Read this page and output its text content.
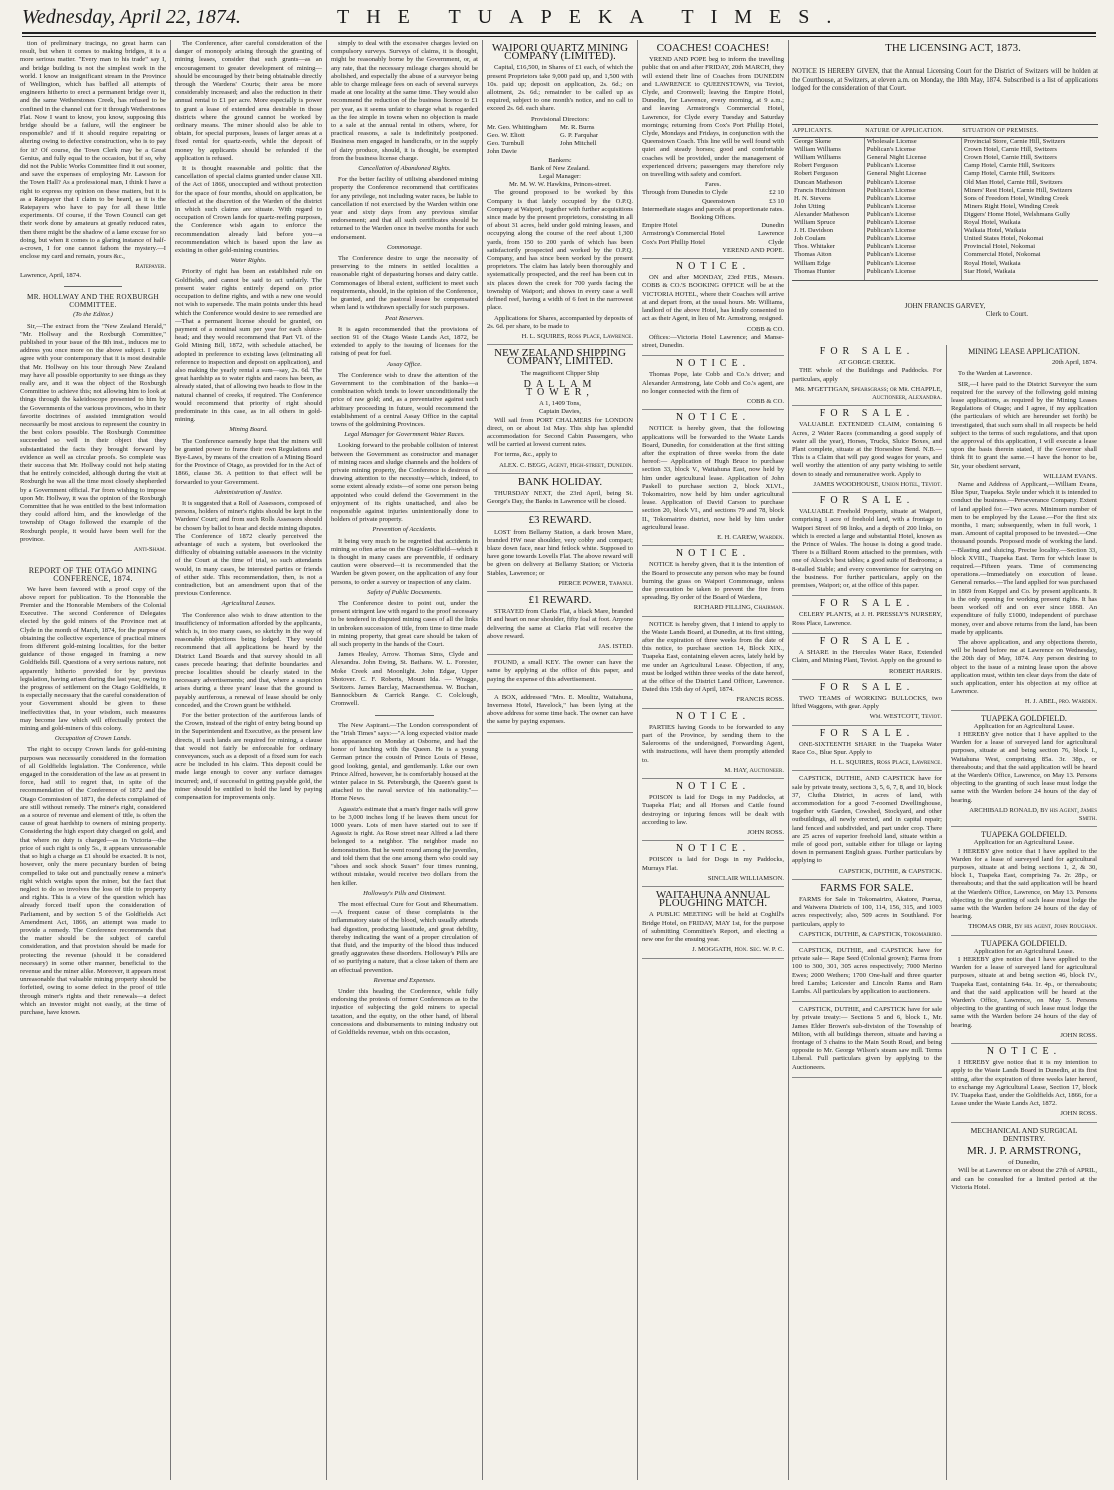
Wednesday, April 22, 1874.	THE TUAPEKA TIMES.

tion of preliminary tracings, no great harm can result, but when it comes to making bridges, it is a more serious matter. "Every man to his trade" say I, and bridge building is not the simplest work in the world. I know an insignificant stream in the Province of Wellington, which has baffled all attempts of engineers hitherto to erect a permanent bridge over it, and the same Wetherstones Creek, has refused to be confined in the channel cut for it through Wetherstones Flat. Now I want to know, you know, supposing this bridge should be a failure, will the engineer be responsible? and if it should require repairing or altering owing to defective construction, who is to pay for it? Of course, the Town Clerk may be a Great Genius, and fully equal to the occasion, but if so, why did not the Public Works Committee find it out sooner, and save the expenses of employing Mr. Lawson for the Town Hall? As a professional man, I think I have a right to express my opinion on these matters, but it is as a Ratepayer that I claim to be heard, as it is the Ratepayers who have to pay for all these little experiments. Of course, if the Town Council can get their work done by amateurs at greatly reduced rates, then there might be the shadow of a lame excuse for so doing, but when it comes to a glaring instance of half-a-crown, I for one cannot fathom the mystery.—I enclose my card and remain, yours &c.,

Ratepayer.
Lawrence, April, 1874.
MR. HOLLWAY AND THE ROXBURGH COMMITTEE.
(To the Editor.)

Sir,—The extract from the "New Zealand Herald," "Mr. Hollway and the Roxburgh Committee," published in your issue of the 8th inst., induces me to address you once more on the above subject. I quite agree with your contemporary that it is most desirable that Mr. Hollway on his tour through New Zealand may have all possible opportunity to see things as they really are, and it was the object of the Roxburgh Committee to achieve this; not allowing him to look at things through the kaleidoscope presented to him by the Governments of the various provinces, who in their favorite doctrines of assisted immigration would necessarily be most anxious to represent the country in the best colors possible. The Roxburgh Committee succeeded so well in their object that they substantiated the facts they brought forward by evidence as well as circular proofs. So complete was their success that Mr. Hollway could not help stating that he entirely coincided, although during the visit at Roxburgh he was all the time most closely shepherded by a Government official. Far from wishing to impose upon Mr. Hollway, it was the opinion of the Roxburgh Committee that he was entitled to the best information they could afford him, and the knowledge of the township of Otago followed the example of the Roxburgh people, it would have been well for the province.

Anti-Sham.
REPORT OF THE OTAGO MINING CONFERENCE, 1874.

We have been favored with a proof copy of the above report for publication. To the Honorable the Premier and the Honorable Members of the Colonial Executive. The second Conference of Delegates elected by the gold miners of the Province met at Clyde in the month of March, 1874, for the purpose of obtaining the collective experience of practical miners from different gold-mining localities, for the better guidance of those engaged in framing a new Goldfields Bill. Questions of a very serious nature, not apparently hitherto provided for by previous legislation, having arisen during the last year, owing to the progress of settlement on the Otago Goldfields, it is especially necessary that the careful consideration of your Government should be given to these ineffectivities that, in your wisdom, such measures may become law which will effectually protect the mining and gold-miners of this colony.

Occupation of Crown Lands.

The right to occupy Crown lands for gold-mining purposes was necessarily considered in the formation of all Goldfields legislation. The Conference, while engaged in the consideration of the law as at present in force, had still to regret that, in spite of the recommendation of the Conference of 1872 and the Otago Commission of 1871, the defects complained of are still without remedy. The miner's right, considered as a source of revenue and element of title, is often the cause of great hardship to owners of mining property. Considering the high export duty charged on gold, and that where no duty is charged—as in Victoria—the price of such right is only 5s., it appears unreasonable that so high a charge as £1 should be exacted. It is not, however, only the mere pecuniary burden of being compelled to take out and punctually renew a miner's right which weighs upon the miner, but the fact that neglect to do so involves the loss of title to property and rights. This is a view of the question which has already forced itself upon the consideration of Parliament, and by section 5 of the Goldfields Act Amendment Act, 1866, an attempt was made to provide a remedy. The Conference recommends that the matter should be the subject of careful consideration, and that provision should be made for protecting the revenue (should it be considered necessary) in some other manner, beneficial to the revenue and the miner alike. Moreover, it appears most unreasonable that valuable mining property should be forfeited, owing to some defect in the proof of title through miner's rights and their renewals—a defect which an investor might not easily, at the time of purchase, have known.

The Conference, after careful consideration of the danger of monopoly arising through the granting of mining leases, consider that such grants—as an encouragement to greater development of mining—should be encouraged by their being obtainable directly through the Wardens' Courts; their area be more considerably increased; and also the reduction in their annual rental to £1 per acre. More especially is power to grant a lease of extended area desirable in those districts where the ground cannot be worked by ordinary means. The miner should also be able to obtain, for special purposes, leases of larger areas at a fixed rental for quartz-reefs, while the deposit of money by applicants should be refunded if the application is refused.

It is thought reasonable and politic that the cancellation of special claims granted under clause XII. of the Act of 1866, unoccupied and without protection for the space of four months, should on application, be effected at the discretion of the Warden of the district in which such claims are situate. With regard to occupation of Crown lands for quartz-reefing purposes, the Conference wish again to enforce the recommendation already laid before you—a recommendation which is based upon the law as existing in other gold-mining countries.

Water Rights.

Priority of right has been an established rule on Goldfields, and cannot be said to act unfairly. The present water rights entirely depend on prior occupation to define rights, and with a new one would not wish to supersede. The main points under this head which the Conference would desire to see remedied are—That a permanent license should be granted, on payment of a nominal sum per year for each sluice-head; and they would recommend that Part VI. of the Gold Mining Bill, 1872, with schedule attached, be adopted in preference to existing laws (eliminating all reference to inspection and deposit on application), and also making the yearly rental a sum—say, 2s. 6d. The great hardship as to water rights and races has been, as already stated, that of allowing two heads to flow in the natural channel of creeks, if required. The Conference would recommend that priority of right should predominate in this case, as in all others in gold-mining.

Mining Board.

The Conference earnestly hope that the miners will be granted power to frame their own Regulations and Bye-Laws, by means of the creation of a Mining Board for the Province of Otago, as provided for in the Act of 1866, clause 36. A petition to that effect will be forwarded to your Government.

Administration of Justice.

It is suggested that a Roll of Assessors, composed of persons, holders of miner's rights should be kept in the Wardens' Court; and from such Rolls Assessors should be chosen by ballot to hear and decide mining disputes. The Conference of 1872 clearly perceived the advantage of such a system, but overlooked the difficulty of obtaining suitable assessors in the vicinity of the Court at the time of trial, so such attendants would, in many cases, be interested parties or friends of either side. This recommendation, then, is not a contradiction, but an amendment upon that of the previous Conference.

Agricultural Leases.

The Conference also wish to draw attention to the insufficiency of information afforded by the applicants, which is, in too many cases, so sketchy in the way of reasonable objections being lodged. They would recommend that all applications be heard by the District Land Boards and that survey should in all cases precede hearing; that definite boundaries and precise localities should be clearly stated in the necessary advertisements; and that, where a suspicion arises during a three years' lease that the ground is payably auriferous, a renewal of lease should be only conceded, and the Crown grant be withheld.

For the better protection of the auriferous lands of the Crown, instead of the right of entry being bound up in the Superintendent and Executive, as the present law directs, if such lands are required for mining, a clause that would not fairly be enforceable for ordinary conveyances, such as a deposit of a fixed sum for each acre be included in his claim. This deposit could be made large enough to cover any surface damages incurred; and, if successful in getting payable gold, the miner should be entitled to hold the land by paying compensation for improvements only.

simply to deal with the excessive charges levied on compulsory surveys. Surveys of claims, it is thought, might be reasonably borne by the Government, or, at any rate, that the necessary mileage charges should be abolished, and especially the abuse of a surveyor being able to charge mileage fees on each of several surveys made at one locality at the same time. They would also recommend the reduction of the business licence to £1 per year, as it seems unfair to charge what is regarded as the fee simple in towns when no objection is made to a sale at the annual rental in others, where, for practical reasons, a sale is indefinitely postponed. Business men engaged in handicrafts, or in the supply of dairy produce, should, it is thought, be exempted from the business license charge.

Cancellation of Abandoned Rights.

For the better facility of utilising abandoned mining property the Conference recommend that certificates for any privilege, not including water races, be liable to cancellation if not exercised by the Warden within one year and sixty days from any previous similar endorsement; and that all such certificates should be returned to the Warden once in twelve months for such endorsement.

Commonage.

The Conference desire to urge the necessity of preserving to the miners in settled localities a reasonable right of depasturing horses and dairy cattle. Commonages of liberal extent, sufficient to meet such requirements, should, in the opinion of the Conference, be granted, and the pastoral lessee be compensated when land is withdrawn specially for such purposes.

Peat Reserves.

It is again recommended that the provisions of section 91 of the Otago Waste Lands Act, 1872, be extended to apply to the issuing of licenses for the raising of peat for fuel.

Assay Office.

The Conference wish to draw the attention of the Government to the combination of the banks—a combination which tends to lower unconditionally the price of raw gold; and, as a preventative against such arbitrary proceeding in future, would recommend the establishment of a central Assay Office in the capital towns of the goldmining Provinces.

Legal Manager for Government Water Races.

Looking forward to the probable collision of interest between the Government as constructor and manager of mining races and sludge channels and the holders of private mining property, the Conference is desirous of drawing attention to the necessity—which, indeed, to some extent already exists—of some one person being appointed who could defend the Government in the enjoyment of its rights unattached, and also be responsible against injuries unintentionally done to holders of private property.

Prevention of Accidents.

It being very much to be regretted that accidents in mining so often arise on the Otago Goldfield—which it is thought in many cases are preventible, if ordinary caution were observed—it is recommended that the Warden be given power, on the application of any four persons, to order a survey or inspection of any claim.

Safety of Public Documents.

The Conference desire to point out, under the present stringent law with regard to the proof necessary to be tendered in disputed mining cases of all the links in unbroken succession of title, from time to time made in mining property, that great care should be taken of all such property in the hands of the Court.

James Healey, Arrow. Thomas Sims, Clyde and Alexandra. John Ewing, St. Bathans. W. L. Forester, Moke Creek and Moonlight. John Edgar, Upper Shotover. C. F. Roberts, Mount Ida. — Wragge, Switzers. James Barclay, Macraesthenua. W. Buchan, Bannockburn & Carrick Range. C. Colclough, Cromwell.

The New Aspirant.—The London correspondent of the "Irish Times" says:—"A long expected visitor made his appearance on Monday at Osborne, and had the honor of lunching with the Queen. He is a young German prince the cousin of Prince Louis of Hesse, good looking, genial, and gentlemanly. Like our own Prince Alfred, however, he is comfortably housed at the winter palace in St. Petersburgh, the Queen's guest is attached to the naval service of his nationality."—Home News.

Agassiz's estimate that a man's finger nails will grow to be 3,000 inches long if he leaves them uncut for 1000 years. Lots of men have started out to see if Agassiz is right. As Rose street near Alfred a lad there belonged to a neighbor. The neighbor made no demonstration. But he went round among the juveniles, and told them that the one among them who could say "shoes and sock shock Susan" four times running, without mistake, would receive two dollars from the hen killer.

Holloway's Pills and Ointment.

The most effectual Cure for Gout and Rheumatism.—A frequent cause of these complaints is the inflammatory state of the blood, which usually attends bad digestion, producing lassitude, and great debility, thereby indicating the want of a proper circulation of that fluid, and the impurity of the blood thus induced greatly aggravates these disorders. Holloway's Pills are of so purifying a nature, that a close taken of them are an effectual prevention.

Revenue and Expenses.

Under this heading the Conference, while fully endorsing the protests of former Conferences as to the injustice of subjecting the gold miners to special taxation, and the equity, on the other hand, of liberal concessions and disbursements to mining industry out of Goldfields revenue, wish on this occasion,

WAIPORI QUARTZ MINING COMPANY (LIMITED).

Capital, £16,500, in Shares of £1 each, of which the present Proprietors take 9,000 paid up, and 1,500 with 10s. paid up; deposit on application, 2s. 6d.; on allotment, 2s. 6d.; remainder to be called up as required, subject to one month's notice, and no call to exceed 2s. 6d. each share.

Provisional Directors:
Mr. Geo. Whittingham	Mr. R. Burns
Geo. W. Eliott	G. P. Farquhar
Geo. Turnbull	John Mitchell
John Davie
Bankers:
Bank of New Zealand.
Legal Manager:
Mr. M. W. W. Hawkins, Princes-street.

The ground proposed to be worked by this Company is that lately occupied by the O.P.Q. Company at Waipori, together with further acquisitions since made by the present proprietors, consisting in all of about 31 acres, held under gold mining leases, and occupying along the course of the reef about 1,300 yards, from 150 to 200 yards of which has been satisfactorily prospected and worked by the O.P.Q. Company, and has since been worked by the present proprietors. The claim has lately been thoroughly and systematically prospected, and the reef has been cut in six places down the creek for 700 yards facing the township of Waipori; and shows in every case a well defined reef, having a width of 6 feet in the narrowest place.

Applications for Shares, accompanied by deposits of 2s. 6d. per share, to be made to

H. L. SQUIRES, Ross Place, Lawrence.
NEW ZEALAND SHIPPING COMPANY, LIMITED.
The magnificent Clipper Ship
DALLAM TOWER,
A 1, 1409 Tons,
Captain Davies,

Will sail from PORT CHALMERS for LONDON direct, on or about 1st May. This ship has splendid accommodation for Second Cabin Passengers, who will be carried at lowest current rates.

For terms, &c., apply to

ALEX. C. BEGG, Agent, High-street, Dunedin.
BANK HOLIDAY.

THURSDAY NEXT, the 23rd April, being St. George's Day, the Banks in Lawrence will be closed.

£3 REWARD.

LOST from Bellamy Station, a dark brown Mare, branded HW near shoulder, very cobby and compact; blaze down face, near hind fetlock white. Supposed to have gone towards Lovells Flat. The above reward will be given on delivery at Bellamy Station; or Victoria Stables, Lawrence; or

PIERCE POWER, Tapanui.
£1 REWARD.

STRAYED from Clarks Flat, a black Mare, branded H and heart on near shoulder, fifty foal at foot. Anyone delivering the same at Clarks Flat will receive the above reward.

JAS. ISTED.

FOUND, a small KEY. The owner can have the same by applying at the office of this paper, and paying the expense of this advertisement.

A BOX, addressed "Mrs. E. Moulitz, Waitahuna, Inverness Hotel, Havelock," has been lying at the above address for some time back. The owner can have the same by paying expenses.

COACHES! COACHES!

YREND AND POPE beg to inform the travelling public that on and after FRIDAY, 20th MARCH, they will extend their line of Coaches from DUNEDIN and LAWRENCE to QUEENSTOWN, via Teviot, Clyde, and Cromwell; leaving the Empire Hotel, Dunedin, for Lawrence, every morning, at 9 a.m.; and leaving Armstrong's Commercial Hotel, Lawrence, for Clyde every Tuesday and Saturday mornings; returning from Cox's Port Phillip Hotel, Clyde, Mondays and Fridays, in conjunction with the Queenstown Coach. This line will be well found with quiet and steady horses; good and comfortable coaches will be provided, under the management of experienced drivers; passengers may therefore rely on travelling with safety and comfort.

Fares.
Through from Dunedin to Clyde	£2 10
Queenstown	£3 10
Intermediate stages and parcels at proportionate rates.
Booking Offices.
Empire Hotel	Dunedin
Armstrong's Commercial Hotel	Lawrence
Cox's Port Phillip Hotel	Clyde
YEREND AND POPE.
NOTICE.

ON and after MONDAY, 23rd FEB., Messrs. COBB & CO.'S BOOKING OFFICE will be at the VICTORIA HOTEL, where their Coaches will arrive at and depart from, at the usual hours. Mr. Williams, landlord of the above Hotel, has kindly consented to act as their Agent, in lieu of Mr. Armstrong, resigned.

COBB & CO.

Offices:—Victoria Hotel Lawrence; and Manse-street, Dunedin.

NOTICE.

Thomas Pope, late Cobb and Co.'s driver; and Alexander Armstrong, late Cobb and Co.'s agent, are no longer connected with the firm of

COBB & CO.
NOTICE.

NOTICE is hereby given, that the following applications will be forwarded to the Waste Lands Board, Dunedin, for consideration at the first sitting after the expiration of three weeks from the date hereof:— Application of Hugh Bruce to purchase section 33, block V., Waitahuna East, now held by him under agricultural lease. Application of John Paskell to purchase section 2, block XLVI., Tokomairiro, now held by him under agricultural lease. Application of David Carson to purchase section 20, block VI., and sections 79 and 78, block II., Tokomairiro district, now held by him under agricultural lease.

E. H. CAREW, Warden.
NOTICE.

NOTICE is hereby given, that it is the intention of the Board to prosecute any person who may be found burning the grass on Waipori Commonage, unless due precaution be taken to prevent the fire from spreading. By order of the Board of Wardens,

RICHARD FILLING, Chairman.

NOTICE is hereby given, that I intend to apply to the Waste Lands Board, at Dunedin, at its first sitting, after the expiration of three weeks from the date of this notice, to purchase section 14, Block XIX., Tuapeka East, containing eleven acres, lately held by me under an Agricultural Lease. Objection, if any, must be lodged within three weeks of the date hereof, at the office of the District Land Officer, Lawrence. Dated this 15th day of April, 1874.

FRANCIS ROSS.
NOTICE.

PARTIES having Goods to be forwarded to any part of the Province, by sending them to the Salerooms of the undersigned, Forwarding Agent, with instructions, will have them promptly attended to.

M. HAY, Auctioneer.
NOTICE.

POISON is laid for Dogs in my Paddocks, at Tuapeka Flat; and all Horses and Cattle found destroying or injuring fences will be dealt with according to law.

JOHN ROSS.
NOTICE.

POISON is laid for Dogs in my Paddocks, Murrays Flat.

SINCLAIR WILLIAMSON.
WAITAHUNA ANNUAL PLOUGHING MATCH.

A PUBLIC MEETING will be held at Coghill's Bridge Hotel, on FRIDAY, MAY 1st, for the purpose of submitting Committee's Report, and electing a new one for the ensuing year.

J. MOGGATH, Hon. Sec. W. P. C.
THE LICENSING ACT, 1873.
NOTICE IS HEREBY GIVEN, that the Annual Licensing Court for the District of Switzers will be holden at the Courthouse, at Switzers, at eleven a.m. on Monday, the 18th May, 1874. Subscribed is a list of applications lodged for the consideration of that Court.
APPLICANTS.	NATURE OF APPLICATION.	SITUATION OF PREMISES.
George Skene	Wholesale License	Provincial Store, Carnie Hill, Switzers
William Williams	Publican's License	Crown Hotel, Carnie Hill, Switzers
William Williams	General Night License	Crown Hotel, Carnie Hill, Switzers
Robert Ferguson	Publican's License	Camp Hotel, Carnie Hill, Switzers
Robert Ferguson	General Night License	Camp Hotel, Carnie Hill, Switzers
Duncan Matheson	Publican's License	Old Man Hotel, Carnie Hill, Switzers
Francis Hutchinson	Publican's License	Miners' Rest Hotel, Carnie Hill, Switzers
H. N. Stevens	Publican's License	Sons of Freedom Hotel, Winding Creek
John Utting	Publican's License	Miners Right Hotel, Winding Creek
Alexander Matheson	Publican's License	Diggers' Home Hotel, Welshmans Gully
William Spruce	Publican's License	Royal Hotel, Waikaia
J. H. Davidson	Publican's License	Waikaia Hotel, Waikaia
Job Coulam	Publican's License	United States Hotel, Nokomai
Thos. Whitaker	Publican's License	Provincial Hotel, Nokomai
Thomas Aiton	Publican's License	Commercial Hotel, Nokomai
William Edge	Publican's License	Royal Hotel, Waikaia
Thomas Hunter	Publican's License	Star Hotel, Waikaia
JOHN FRANCIS GARVEY,
Clerk to Court.
FOR SALE.
AT GORGE CREEK.

THE whole of the Buildings and Paddocks. For particulars, apply

Mr. M'GETTIGAN, Spearsgrass; or Mr. CHAPPLE, Auctioneer, Alexandra.
FOR SALE.

VALUABLE EXTENDED CLAIM, containing 6 Acres, 2 Water Races (commanding a good supply of water all the year), Horses, Trucks, Sluice Boxes, and Plant complete, situate at the Horseshoe Bend. N.B.—This is a Claim that will pay good wages for years, and well worthy the attention of any party wishing to settle down to steady and remunerative work. Apply to

JAMES WOODHOUSE, Union Hotel, Teviot.
FOR SALE.

VALUABLE Freehold Property, situate at Waipori, comprising 1 acre of freehold land, with a frontage to Waipori Street of 98 links, and a depth of 200 links, on which is erected a large and substantial Hotel, known as the Prince of Wales. The house is doing a good trade. There is a Billiard Room attached to the premises, with one of Alcock's best tables; a good suite of Bedrooms; a 8-stalled Stable; and every convenience for carrying on the business. For further particulars, apply on the premises, Waipori; or, at the office of this paper.

FOR SALE.

CELERY PLANTS, at J. H. PRESSLY'S NURSERY, Ross Place, Lawrence.

FOR SALE.

A SHARE in the Hercules Water Race, Extended Claim, and Mining Plant, Teviot. Apply on the ground to

ROBERT HARRIS.
FOR SALE.

TWO TEAMS of WORKING BULLOCKS, two lifted Waggons, with gear. Apply

Wm. WESTCOTT, Teviot.
FOR SALE.

ONE-SIXTEENTH SHARE in the Tuapeka Water Race Co., Blue Spur. Apply to

H. L. SQUIRES, Ross Place, Lawrence.

CAPSTICK, DUTHIE, AND CAPSTICK have for sale by private treaty, sections 3, 5, 6, 7, 8, and 10, block 37, Clutha District, in acres of land, with accommodation for a good 7-roomed Dwellinghouse, together with Garden, Cowshed, Stockyard, and other outbuildings, all newly erected, and in capital repair; land fenced and subdivided, and part under crop. There are 25 acres of superior freehold land, situate within a mile of good port, suitable either for tillage or laying down in permanent English grass. Further particulars by applying to

CAPSTICK, DUTHIE, & CAPSTICK.
FARMS FOR SALE.

FARMS for Sale in Tokomairiro, Akatore, Puerua, and Waiwera Districts of 100, 114, 156, 315, and 1003 acres respectively; also, 509 acres in Southland. For particulars, apply to

CAPSTICK, DUTHIE, & CAPSTICK, Tokomairiro.

CAPSTICK, DUTHIE, and CAPSTICK have for private sale— Rape Seed (Colonial grown); Farms from 100 to 300, 301, 305 acres respectively; 7000 Merino Ewes; 2000 Wethers; 1700 One-half and three quarter bred Lambs; Leicester and Lincoln Rams and Ram Lambs. All particulars by application to auctioneers.

CAPSTICK, DUTHIE, and CAPSTICK have for sale by private treaty:— Sections 5 and 6, block I., Mr. James Elder Brown's sub-division of the Township of Milton, with all buildings thereon, situate and having a frontage of 3 chains to the Main South Road, and being opposite to Mr. George Wilson's steam saw mill. Terms Liberal. Full particulars given by applying to the Auctioneers.

MINING LEASE APPLICATION.
20th April, 1874.

To the Warden at Lawrence.

SIR,—I have paid to the District Surveyor the sum required for the survey of the following gold mining lease applications, as required by the Mining Leases Regulations of Otago; and I agree, if my application (the particulars of which are hereunder set forth) be investigated, that such sum shall in all respects be held subject to the terms of such regulations, and that upon the approval of this application, I will execute a lease upon the basis therein stated, if the Governor shall think fit to grant the same.—I have the honor to be, Sir, your obedient servant,

WILLIAM EVANS.

Name and Address of Applicant,—William Evans, Blue Spur, Tuapeka. Style under which it is intended to conduct the business.—Perseverance Company. Extent of land applied for.—Two acres. Minimum number of men to be employed by the Lease.—For the first six months, 1 man; subsequently, when in full work, 1 man. Amount of capital proposed to be invested.—One thousand pounds. Proposed mode of working the land.—Blasting and sluicing. Precise locality.—Section 33, block XVIII., Tuapeka East. Term for which lease is required.—Fifteen years. Time of commencing operations.—Immediately on execution of lease. General remarks.—The land applied for was purchased in 1869 from Keppel and Co. by present applicants. It is the only opening for working present rights. It has been worked off and on ever since 1868. An expenditure of fully £1000, independent of purchase money, over and above returns from the land, has been made by applicants.

The above application, and any objections thereto, will be heard before me at Lawrence on Wednesday, the 20th day of May, 1874. Any person desiring to object to the issue of a mining lease upon the above application must, within ten clear days from the date of such application, enter his objection at my office at Lawrence.

H. J. ABEL, pro. Warden.
TUAPEKA GOLDFIELD.
Application for an Agricultural Lease.

I HEREBY give notice that I have applied to the Warden for a lease of surveyed land for agricultural purposes, situate at and being section 76, block I., Waitahuna West, comprising 85a. 3r. 38p., or thereabouts; and that the said application will be heard at the Warden's Office, Lawrence, on May 13. Persons objecting to the granting of such lease must lodge the same with the Warden before 24 hours of the day of hearing.

ARCHIBALD RONALD, By his Agent, James Smith.
TUAPEKA GOLDFIELD.
Application for an Agricultural Lease.

I HEREBY give notice that I have applied to the Warden for a lease of surveyed land for agricultural purposes, situate at and being sections 1, 2, & 30, block I., Tuapeka East, comprising 7a. 2r. 28p., or thereabouts; and that the said application will be heard at the Warden's Office, Lawrence, on May 13. Persons objecting to the granting of such lease must lodge the same with the Warden before 24 hours of the day of hearing.

THOMAS ORR, By his agent, John Roughan.
TUAPEKA GOLDFIELD.
Application for an Agricultural Lease.

I HEREBY give notice that I have applied to the Warden for a lease of surveyed land for agricultural purposes, situate at and being section 46, block IV., Tuapeka East, containing 64a. 1r. 4p., or thereabouts; and that the said application will be heard at the Warden's Office, Lawrence, on May 5. Persons objecting to the granting of such lease must lodge the same with the Warden before 24 hours of the day of hearing.

JOHN ROSS.
NOTICE.

I HEREBY give notice that it is my intention to apply to the Waste Lands Board in Dunedin, at its first sitting, after the expiration of three weeks later hereof, to exchange my Agricultural Lease, Section 17, block IV. Tuapeka East, under the Goldfields Act, 1866, for a Lease under the Waste Lands Act, 1872.

JOHN ROSS.
MECHANICAL AND SURGICAL DENTISTRY.
MR. J. P. ARMSTRONG,
of Dunedin,

Will be at Lawrence on or about the 27th of APRIL, and can be consulted for a limited period at the Victoria Hotel.
